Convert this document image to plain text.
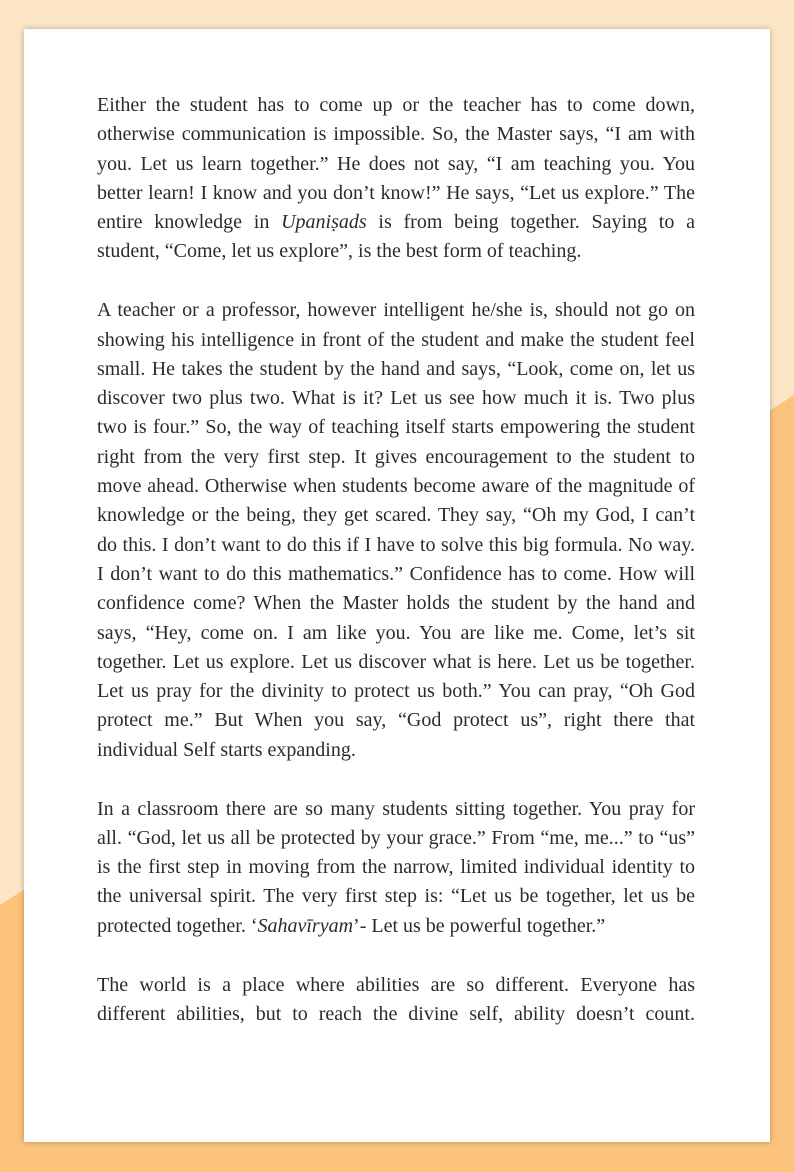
Either the student has to come up or the teacher has to come down, otherwise communication is impossible. So, the Master says, “I am with you. Let us learn together.” He does not say, “I am teaching you. You better learn! I know and you don’t know!” He says, “Let us explore.” The entire knowledge in Upaniṣads is from being together. Saying to a student, “Come, let us explore”, is the best form of teaching.

A teacher or a professor, however intelligent he/she is, should not go on showing his intelligence in front of the student and make the student feel small. He takes the student by the hand and says, “Look, come on, let us discover two plus two. What is it? Let us see how much it is. Two plus two is four.” So, the way of teaching itself starts empowering the student right from the very first step. It gives encouragement to the student to move ahead. Otherwise when students become aware of the magnitude of knowledge or the being, they get scared. They say, “Oh my God, I can’t do this. I don’t want to do this if I have to solve this big formula. No way. I don’t want to do this mathematics.” Confidence has to come. How will confidence come? When the Master holds the student by the hand and says, “Hey, come on. I am like you. You are like me. Come, let’s sit together. Let us explore. Let us discover what is here. Let us be together. Let us pray for the divinity to protect us both.” You can pray, “Oh God protect me.” But When you say, “God protect us”, right there that individual Self starts expanding.

In a classroom there are so many students sitting together. You pray for all. “God, let us all be protected by your grace.” From “me, me...” to “us” is the first step in moving from the narrow, limited individual identity to the universal spirit. The very first step is: “Let us be together, let us be protected together. ‘Sahavīryam’- Let us be powerful together.”

The world is a place where abilities are so different. Everyone has different abilities, but to reach the divine self, ability doesn’t count.
